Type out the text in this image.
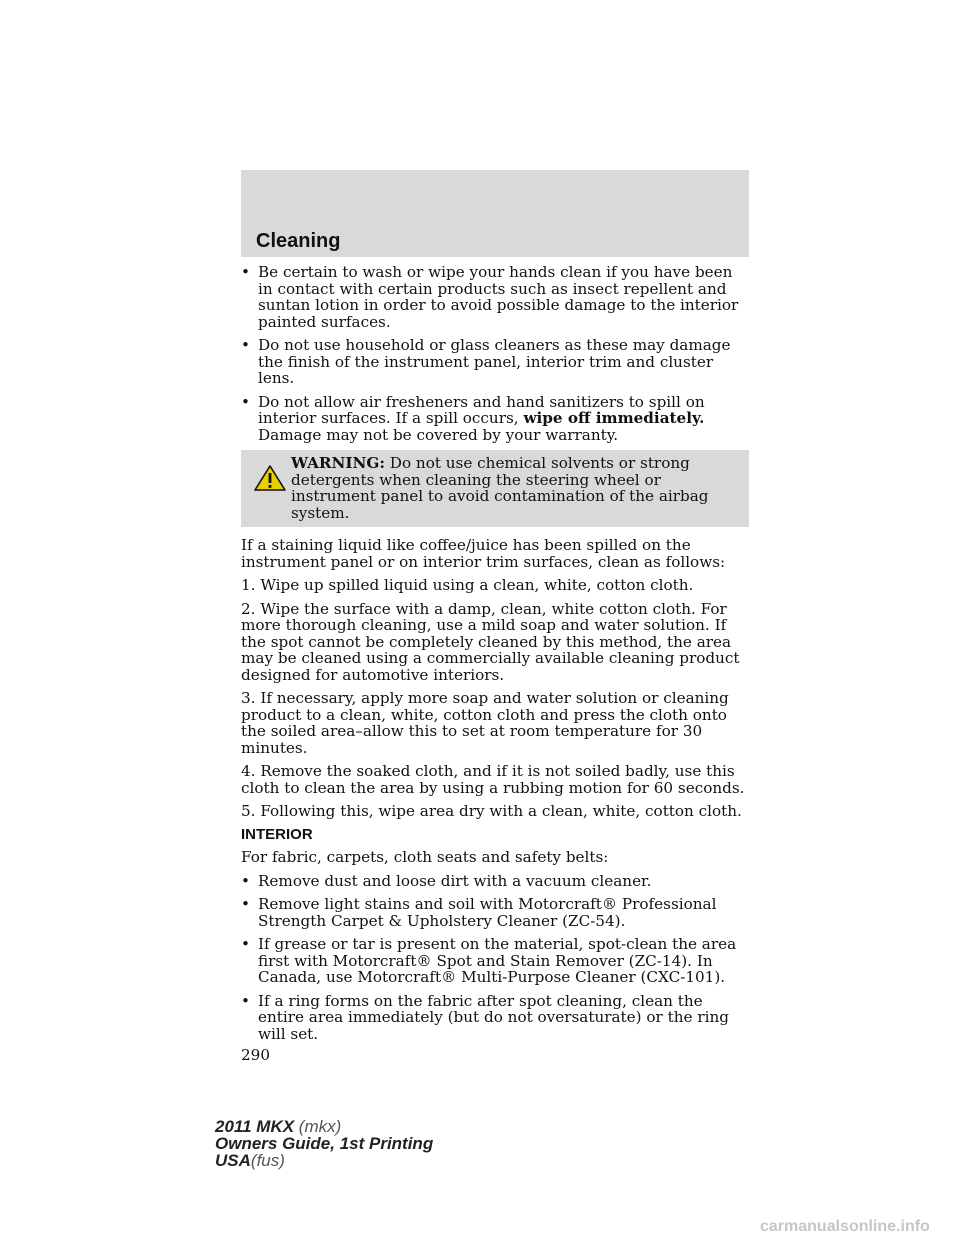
Cleaning
• Be certain to wash or wipe your hands clean if you have been in contact with certain products such as insect repellent and suntan lotion in order to avoid possible damage to the interior painted surfaces.
• Do not use household or glass cleaners as these may damage the finish of the instrument panel, interior trim and cluster lens.
• Do not allow air fresheners and hand sanitizers to spill on interior surfaces. If a spill occurs, wipe off immediately. Damage may not be covered by your warranty.
WARNING: Do not use chemical solvents or strong detergents when cleaning the steering wheel or instrument panel to avoid contamination of the airbag system.

If a staining liquid like coffee/juice has been spilled on the instrument panel or on interior trim surfaces, clean as follows:

1. Wipe up spilled liquid using a clean, white, cotton cloth.

2. Wipe the surface with a damp, clean, white cotton cloth. For more thorough cleaning, use a mild soap and water solution. If the spot cannot be completely cleaned by this method, the area may be cleaned using a commercially available cleaning product designed for automotive interiors.

3. If necessary, apply more soap and water solution or cleaning product to a clean, white, cotton cloth and press the cloth onto the soiled area–allow this to set at room temperature for 30 minutes.

4. Remove the soaked cloth, and if it is not soiled badly, use this cloth to clean the area by using a rubbing motion for 60 seconds.

5. Following this, wipe area dry with a clean, white, cotton cloth.

INTERIOR

For fabric, carpets, cloth seats and safety belts:

• Remove dust and loose dirt with a vacuum cleaner.
• Remove light stains and soil with Motorcraft® Professional Strength Carpet & Upholstery Cleaner (ZC-54).
• If grease or tar is present on the material, spot-clean the area first with Motorcraft® Spot and Stain Remover (ZC-14). In Canada, use Motorcraft® Multi-Purpose Cleaner (CXC-101).
• If a ring forms on the fabric after spot cleaning, clean the entire area immediately (but do not oversaturate) or the ring will set.
290
2011 MKX (mkx)
Owners Guide, 1st Printing
USA(fus)
carmanualsonline.info
